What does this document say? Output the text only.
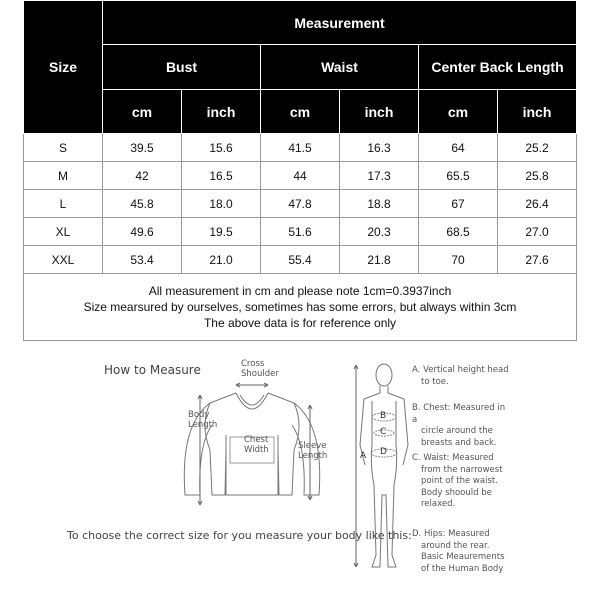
Size	Measurement					
	Bust		Waist		Center Back Length	
	cm	inch	cm	inch	cm	inch
S	39.5	15.6	41.5	16.3	64	25.2
M	42	16.5	44	17.3	65.5	25.8
L	45.8	18.0	47.8	18.8	67	26.4
XL	49.6	19.5	51.6	20.3	68.5	27.0
XXL	53.4	21.0	55.4	21.8	70	27.6

All measurement in cm and please note 1cm=0.3937inch
Size mearsured by ourselves, sometimes has some errors, but always within 3cm
The above data is for reference only						
How to Measure	Cross
Shoulder
Body
Length
Chest
Width	Sleeve
Length	A
B
C
D
A. Vertical height head
to toe.
B. Chest: Measured in a
circle around the
breasts and back.
C. Waist: Measured
from the narrowest
point of the waist.
Body shoould be
relaxed.
D. Hips: Measured
around the rear.
Basic Meaurements
of the Human Body
To choose the correct size for you measure your body like this:
